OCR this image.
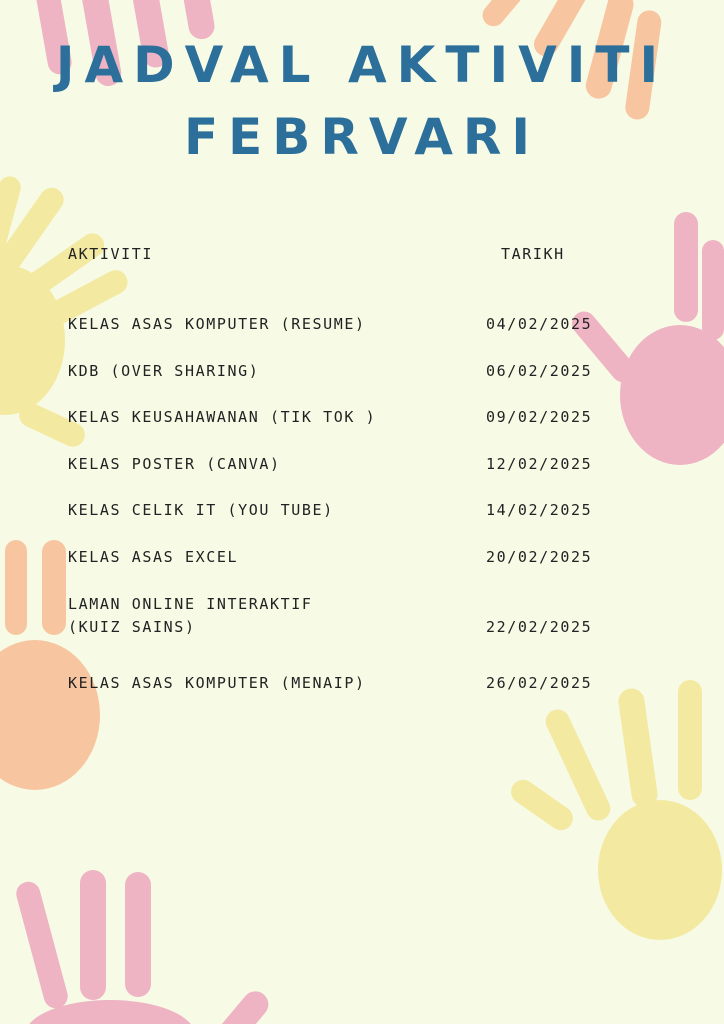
JADVAL AKTIVITI
FEBRVARI
AKTIVITI	TARIKH
KELAS ASAS KOMPUTER (RESUME)	04/02/2025
KDB (OVER SHARING)	06/02/2025
KELAS KEUSAHAWANAN (TIK TOK )	09/02/2025
KELAS POSTER (CANVA)	12/02/2025
KELAS CELIK IT (YOU TUBE)	14/02/2025
KELAS ASAS EXCEL	20/02/2025
LAMAN ONLINE INTERAKTIF
(KUIZ SAINS)	22/02/2025
KELAS ASAS KOMPUTER (MENAIP)	26/02/2025
